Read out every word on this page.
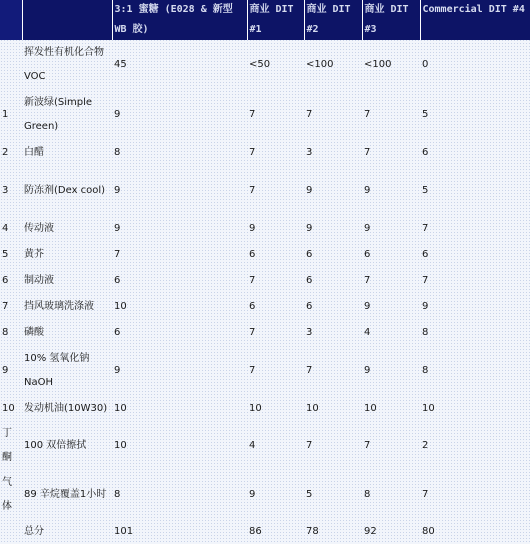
		3:1 蜜糖 (E028 & 新型 WB 胶)	商业 DIT #1	商业 DIT #2	商业 DIT #3	Commercial DIT #4
	挥发性有机化合物VOC	45	<50	<100	<100	0
1	新波绿(Simple Green)	9	7	7	7	5
2	白醋	8	7	3	7	6
3	防冻剂(Dex cool)	9	7	9	9	5
4	传动液	9	9	9	9	7
5	黄芥	7	6	6	6	6
6	制动液	6	7	6	7	7
7	挡风玻璃洗涤液	10	6	6	9	9
8	磷酸	6	7	3	4	8
9	10% 氢氧化钠 NaOH	9	7	7	9	8
10	发动机油(10W30)	10	10	10	10	10
丁酮	100 双倍擦拭	10	4	7	7	2
气体	89 辛烷覆盖1小时	8	9	5	8	7
	总分	101	86	78	92	80
